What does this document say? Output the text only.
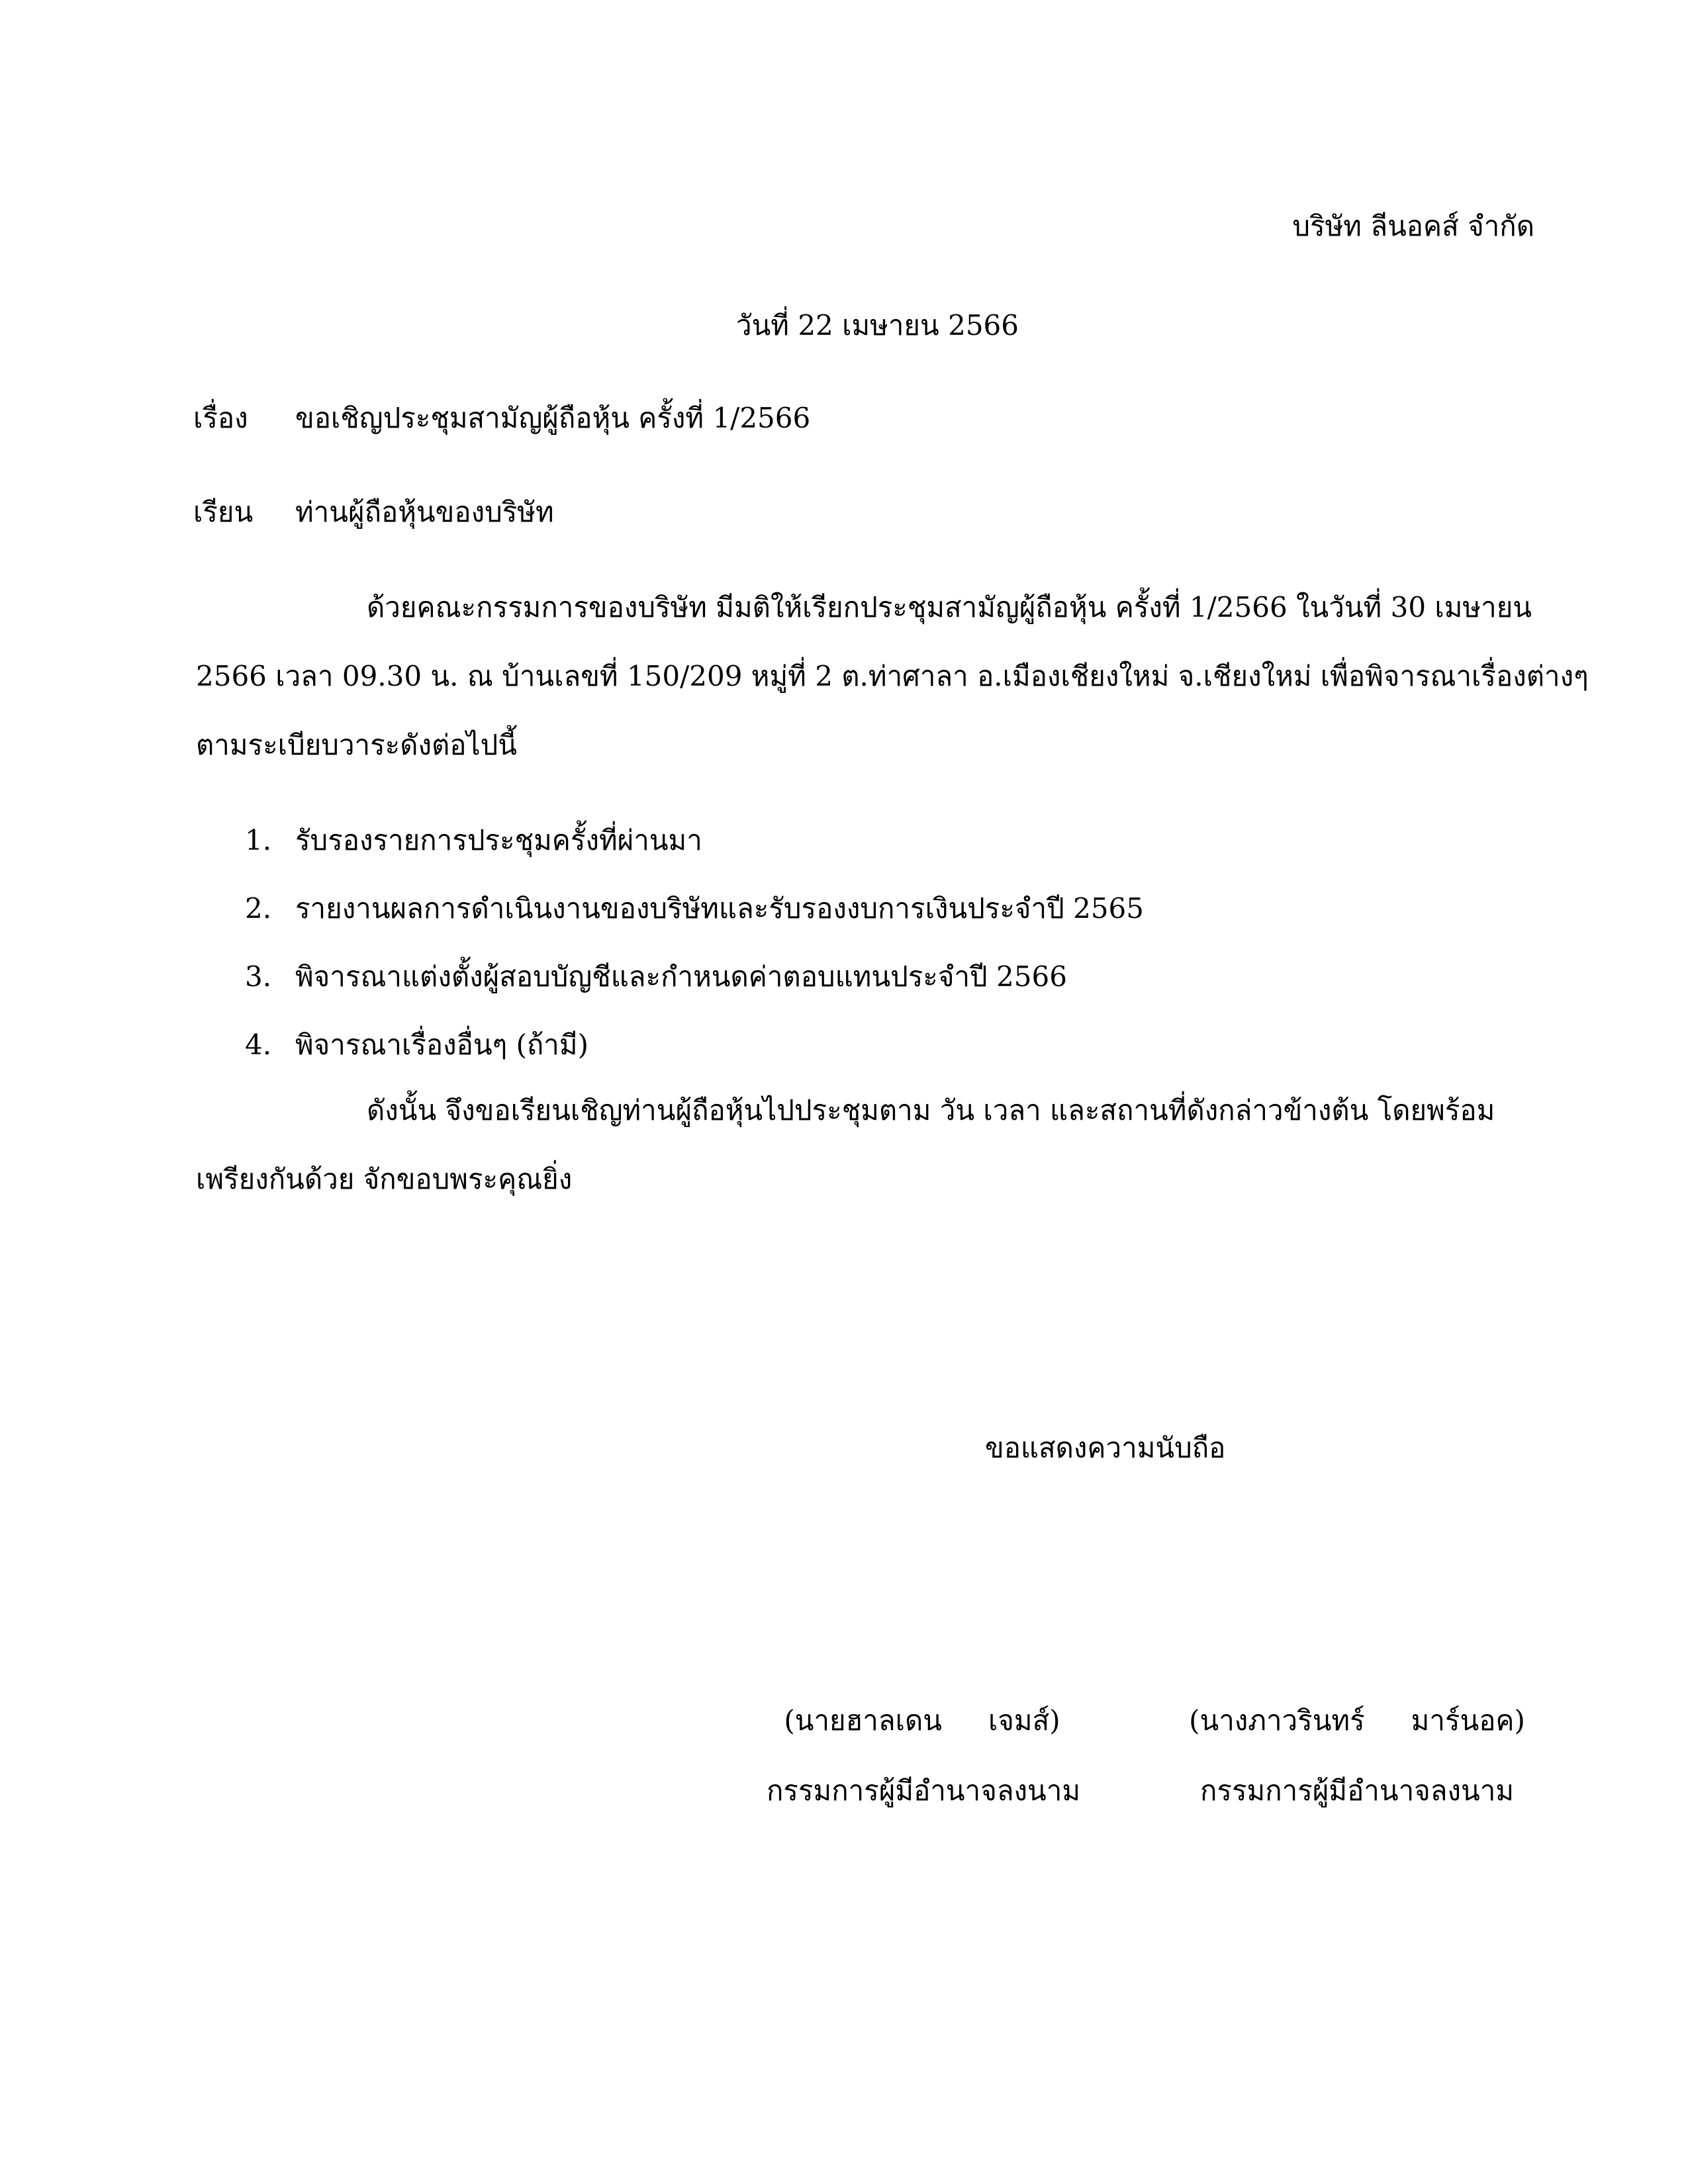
บริษัท ลีนอคส์ จำกัด
วันที่ 22 เมษายน 2566
เรื่อง ขอเชิญประชุมสามัญผู้ถือหุ้น ครั้งที่ 1/2566
เรียน ท่านผู้ถือหุ้นของบริษัท
ด้วยคณะกรรมการของบริษัท มีมติให้เรียกประชุมสามัญผู้ถือหุ้น ครั้งที่ 1/2566 ในวันที่ 30 เมษายน
2566 เวลา 09.30 น. ณ บ้านเลขที่ 150/209 หมู่ที่ 2 ต.ท่าศาลา อ.เมืองเชียงใหม่ จ.เชียงใหม่ เพื่อพิจารณาเรื่องต่างๆ
ตามระเบียบวาระดังต่อไปนี้
1. รับรองรายการประชุมครั้งที่ผ่านมา
2. รายงานผลการดำเนินงานของบริษัทและรับรองงบการเงินประจำปี 2565
3. พิจารณาแต่งตั้งผู้สอบบัญชีและกำหนดค่าตอบแทนประจำปี 2566
4. พิจารณาเรื่องอื่นๆ (ถ้ามี)
ดังนั้น จึงขอเรียนเชิญท่านผู้ถือหุ้นไปประชุมตาม วัน เวลา และสถานที่ดังกล่าวข้างต้น โดยพร้อม
เพรียงกันด้วย จักขอบพระคุณยิ่ง
ขอแสดงความนับถือ
(นายฮาลเดน เจมส์)
กรรมการผู้มีอำนาจลงนาม
(นางภาวรินทร์ มาร์นอค)
กรรมการผู้มีอำนาจลงนาม
